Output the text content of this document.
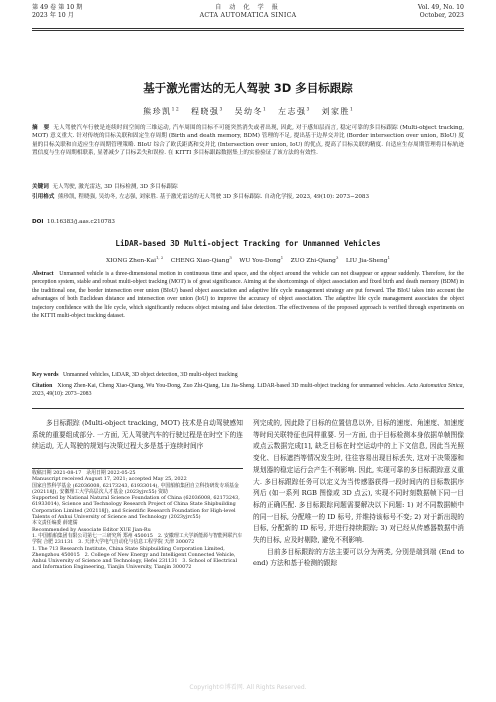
第 49 卷 第 10 期
2023 年 10 月
自 动 化 学 报
ACTA AUTOMATICA SINICA
Vol. 49, No. 10
October, 2023
基于激光雷达的无人驾驶 3D 多目标跟踪
熊珍凯$^{1 2}$ 程晓强$^3$ 吴幼冬$^1$ 左志强$^3$ 刘家胜$^1$
摘　要 无人驾驶汽车行驶是连续时间空间的三维运动, 汽车周围的目标不可能突然消失或者出现, 因此, 对于感知层而言, 稳定可靠的多目标跟踪 (Multi-object tracking, MOT) 意义重大. 针对传统的目标关联和固定生存周期 (Birth and death memory, BDM) 管理的不足, 提出基于边界交并比 (Border intersection over union, BIoU) 度量的目标关联和自适应生存周期管理策略. BIoU 综合了欧氏距离和交并比 (Intersection over union, IoU) 的优点, 提高了目标关联的精度. 自适应生存周期管理将目标轨迹置信度与生存周期相联系, 显著减少了目标丢失和误检. 在 KITTI 多目标跟踪数据集上的实验验证了该方法的有效性.
关键词 无人驾驶, 激光雷达, 3D 目标检测, 3D 多目标跟踪
引用格式 熊珍凯, 程晓强, 吴幼冬, 左志强, 刘家胜. 基于激光雷达的无人驾驶 3D 多目标跟踪. 自动化学报, 2023, 49(10): 2073−2083
DOI 10.16383/j.aas.c210783
LiDAR-based 3D Multi-object Tracking for Unmanned Vehicles
XIONG Zhen-Kai$^{1, 2}$    CHENG Xiao-Qiang$^3$    WU You-Dong$^1$    ZUO Zhi-Qiang$^3$    LIU Jia-Sheng$^1$
Abstract Unmanned vehicle is a three-dimensional motion in continuous time and space, and the object around the vehicle can not disappear or appear suddenly. Therefore, for the perception system, stable and robust multi-object tracking (MOT) is of great significance. Aiming at the shortcomings of object association and fixed birth and death memory (BDM) in the traditional one, the border intersection over union (BIoU) based object association and adaptive life cycle management strategy are put forward. The BIoU takes into account the advantages of both Euclidean distance and intersection over union (IoU) to improve the accuracy of object association. The adaptive life cycle management associates the object trajectory confidence with the life cycle, which significantly reduces object missing and false detection. The effectiveness of the proposed approach is verified through experiments on the KITTI multi-object tracking dataset.
Key words Unmanned vehicles, LiDAR, 3D object detection, 3D multi-object tracking
Citation Xiong Zhen-Kai, Cheng Xiao-Qiang, Wu You-Dong, Zuo Zhi-Qiang, Liu Jia-Sheng. LiDAR-based 3D multi-object tracking for unmanned vehicles. Acta Automatica Sinica, 2023, 49(10): 2073−2083
多目标跟踪 (Multi-object tracking, MOT) 技术是自动驾驶感知系统的重要组成部分. 一方面, 无人驾驶汽车的行驶过程是在时空下的连续运动, 无人驾驶的规划与决策过程大多是基于连续时间序
列完成的, 因此除了目标的位置信息以外, 目标的速度、角速度、加速度等时间关联特征也同样重要. 另一方面, 由于目标检测本身依据单帧图像或点云数据完成[1], 缺乏目标在时空运动中的上下文信息, 因此当光照变化、目标遮挡等情况发生时, 往往容易出现目标丢失, 这对于决策器和规划器的稳定运行会产生不利影响. 因此, 实现可靠的多目标跟踪意义重大. 多目标跟踪任务可以定义为当传感器获得一段时间内的目标数据序列后 (如一系列 RGB 图像或 3D 点云), 实现不同时刻数据帧下同一目标的正确匹配. 多目标跟踪问题需要解决以下问题: 1) 对不同数据帧中的同一目标, 分配唯一的 ID 标号, 并维持该标号不变; 2) 对于新出现的目标, 分配新的 ID 标号, 并进行持续跟踪; 3) 对已经从传感器数据中消失的目标, 应及时剔除, 避免不利影响.
目前多目标跟踪的方法主要可以分为两类, 分别是端到端 (End to end) 方法和基于检测的跟踪
收稿日期 2021-08-17　录用日期 2022-05-25
Manuscript received August 17, 2021; accepted May 25, 2022
国家自然科学基金 (62036008, 62173243, 61933014), 中国船舶集团自立科技研发专项基金 (202118J), 安徽理工大学高层次人才基金 (2023yjrc55) 资助
Supported by National Natural Science Foundation of China (62036008, 62173243, 61933014), Science and Technology Research Project of China State Shipbuilding Corporation Limited (202118J), and Scientific Research Foundation for High-level Talents of Anhui University of Science and Technology (2023yjrc55)
本文责任编委 薛建儒
Recommended by Associate Editor XUE Jian-Ru
1. 中国船舶集团有限公司第七一三研究所 郑州 450015　2. 安徽理工大学新能源与智能网联汽车学院 合肥 231131　3. 天津大学电气自动化与信息工程学院 天津 300072
1. The 713 Research Institute, China State Shipbuilding Corporation Limited, Zhengzhou 450015　2. College of New Energy and Intelligent Connected Vehicle, Anhui University of Science and Technology, Hefei 231131　3. School of Electrical and Information Engineering, Tianjin University, Tianjin 300072
Copyright©博看网. All Rights Reserved.
